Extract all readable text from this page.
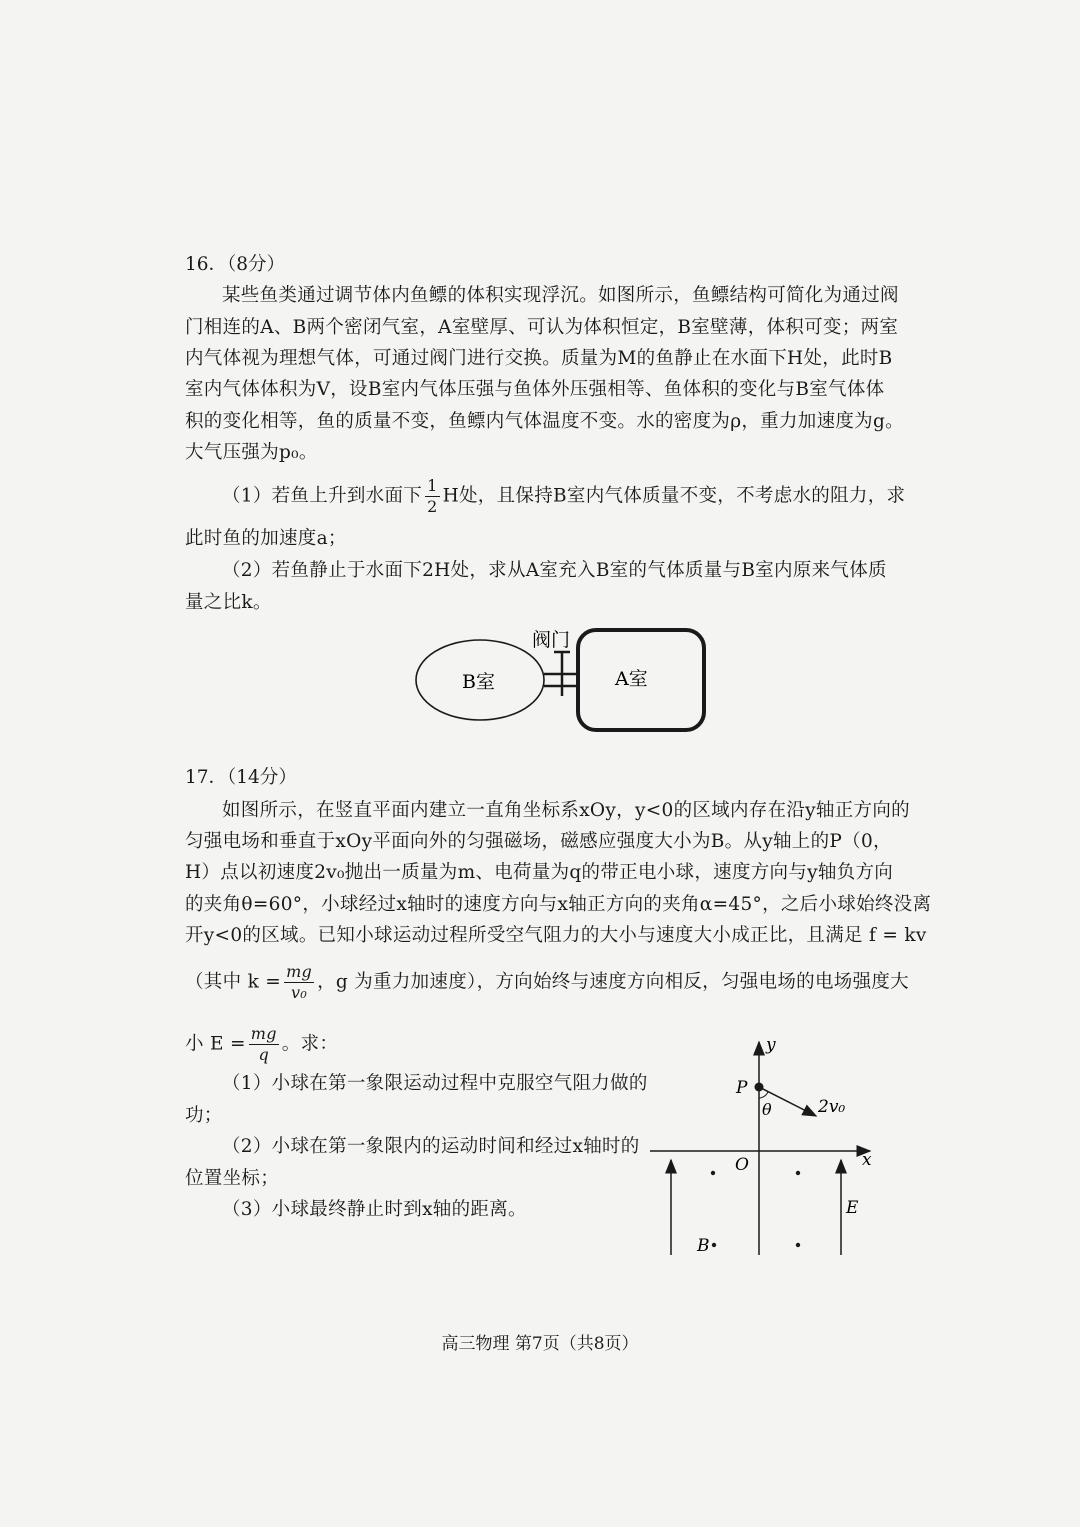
16．（8分）
某些鱼类通过调节体内鱼鳔的体积实现浮沉。如图所示，鱼鳔结构可简化为通过阀
门相连的A、B两个密闭气室，A室壁厚、可认为体积恒定，B室壁薄，体积可变；两室
内气体视为理想气体，可通过阀门进行交换。质量为M的鱼静止在水面下H处，此时B
室内气体体积为V，设B室内气体压强与鱼体外压强相等、鱼体积的变化与B室气体体
积的变化相等，鱼的质量不变，鱼鳔内气体温度不变。水的密度为ρ，重力加速度为g。
大气压强为p₀。
（1）若鱼上升到水面下 $\frac{1}{2}$ H处，且保持B室内气体质量不变，不考虑水的阻力，求
此时鱼的加速度a；
（2）若鱼静止于水面下2H处，求从A室充入B室的气体质量与B室内原来气体质
量之比k。
B室	A室
阀门
17．（14分）
如图所示，在竖直平面内建立一直角坐标系xOy，y<0的区域内存在沿y轴正方向的
匀强电场和垂直于xOy平面向外的匀强磁场，磁感应强度大小为B。从y轴上的P（0，
H）点以初速度2v₀抛出一质量为m、电荷量为q的带正电小球，速度方向与y轴负方向
的夹角θ=60°，小球经过x轴时的速度方向与x轴正方向的夹角α=45°，之后小球始终没离
开y<0的区域。已知小球运动过程所受空气阻力的大小与速度大小成正比，且满足 f = kv
（其中 $k = \frac{mg}{\text{v₀}}$ ，g 为重力加速度），方向始终与速度方向相反，匀强电场的电场强度大
小 $E = \frac{mg}{q}$ 。求：
（1）小球在第一象限运动过程中克服空气阻力做的
功；
（2）小球在第一象限内的运动时间和经过x轴时的
位置坐标；
（3）小球最终静止时到x轴的距离。
y
x
O
P
θ	2v₀
E
B
高三物理 第7页（共8页）
